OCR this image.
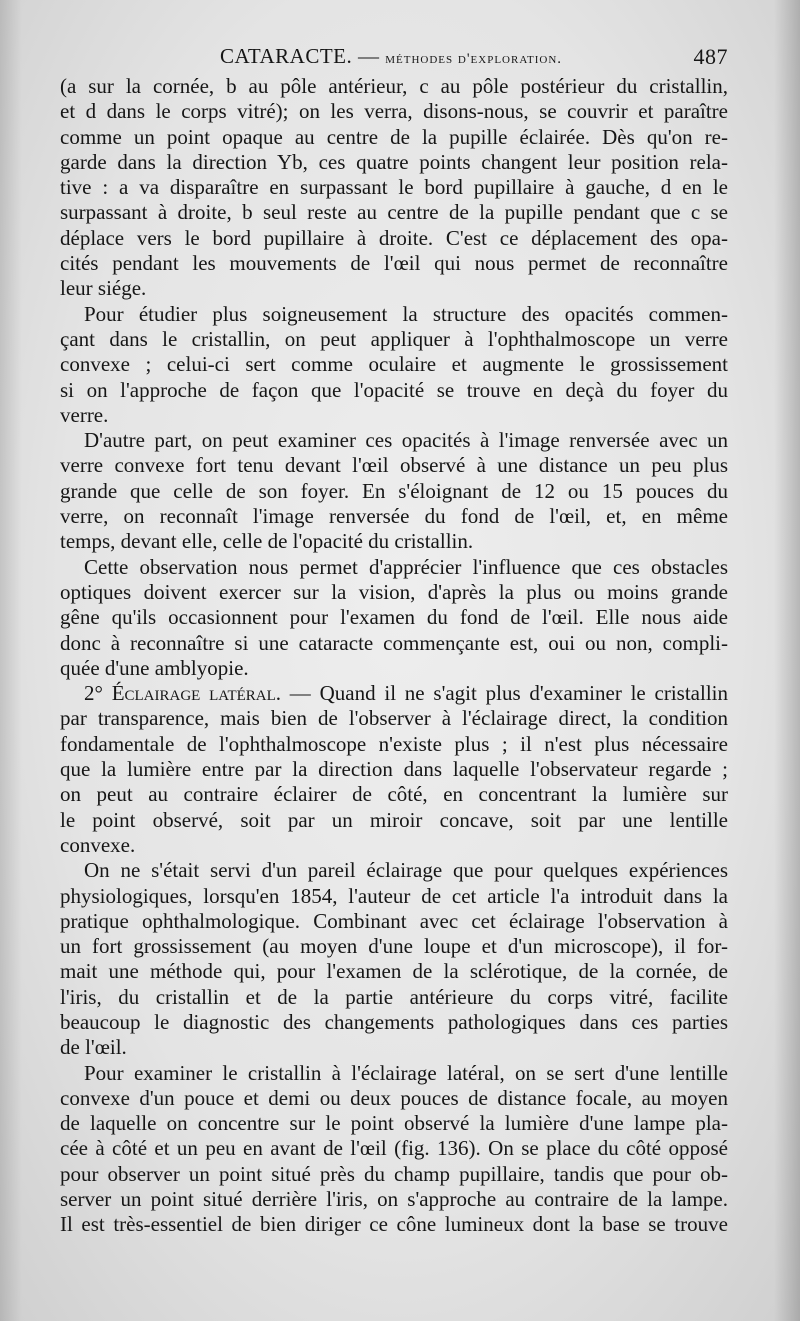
CATARACTE. — méthodes d'exploration.	487
(a sur la cornée, b au pôle antérieur, c au pôle postérieur du cristallin,
et d dans le corps vitré); on les verra, disons-nous, se couvrir et paraître
comme un point opaque au centre de la pupille éclairée. Dès qu'on re-
garde dans la direction Yb, ces quatre points changent leur position rela-
tive : a va disparaître en surpassant le bord pupillaire à gauche, d en le
surpassant à droite, b seul reste au centre de la pupille pendant que c se
déplace vers le bord pupillaire à droite. C'est ce déplacement des opa-
cités pendant les mouvements de l'œil qui nous permet de reconnaître
leur siége.
Pour étudier plus soigneusement la structure des opacités commen-
çant dans le cristallin, on peut appliquer à l'ophthalmoscope un verre
convexe ; celui-ci sert comme oculaire et augmente le grossissement
si on l'approche de façon que l'opacité se trouve en deçà du foyer du
verre.
D'autre part, on peut examiner ces opacités à l'image renversée avec un
verre convexe fort tenu devant l'œil observé à une distance un peu plus
grande que celle de son foyer. En s'éloignant de 12 ou 15 pouces du
verre, on reconnaît l'image renversée du fond de l'œil, et, en même
temps, devant elle, celle de l'opacité du cristallin.
Cette observation nous permet d'apprécier l'influence que ces obstacles
optiques doivent exercer sur la vision, d'après la plus ou moins grande
gêne qu'ils occasionnent pour l'examen du fond de l'œil. Elle nous aide
donc à reconnaître si une cataracte commençante est, oui ou non, compli-
quée d'une amblyopie.
2° Éclairage latéral. — Quand il ne s'agit plus d'examiner le cristallin
par transparence, mais bien de l'observer à l'éclairage direct, la condition
fondamentale de l'ophthalmoscope n'existe plus ; il n'est plus nécessaire
que la lumière entre par la direction dans laquelle l'observateur regarde ;
on peut au contraire éclairer de côté, en concentrant la lumière sur
le point observé, soit par un miroir concave, soit par une lentille
convexe.
On ne s'était servi d'un pareil éclairage que pour quelques expériences
physiologiques, lorsqu'en 1854, l'auteur de cet article l'a introduit dans la
pratique ophthalmologique. Combinant avec cet éclairage l'observation à
un fort grossissement (au moyen d'une loupe et d'un microscope), il for-
mait une méthode qui, pour l'examen de la sclérotique, de la cornée, de
l'iris, du cristallin et de la partie antérieure du corps vitré, facilite
beaucoup le diagnostic des changements pathologiques dans ces parties
de l'œil.
Pour examiner le cristallin à l'éclairage latéral, on se sert d'une lentille
convexe d'un pouce et demi ou deux pouces de distance focale, au moyen
de laquelle on concentre sur le point observé la lumière d'une lampe pla-
cée à côté et un peu en avant de l'œil (fig. 136). On se place du côté opposé
pour observer un point situé près du champ pupillaire, tandis que pour ob-
server un point situé derrière l'iris, on s'approche au contraire de la lampe.
Il est très-essentiel de bien diriger ce cône lumineux dont la base se trouve
